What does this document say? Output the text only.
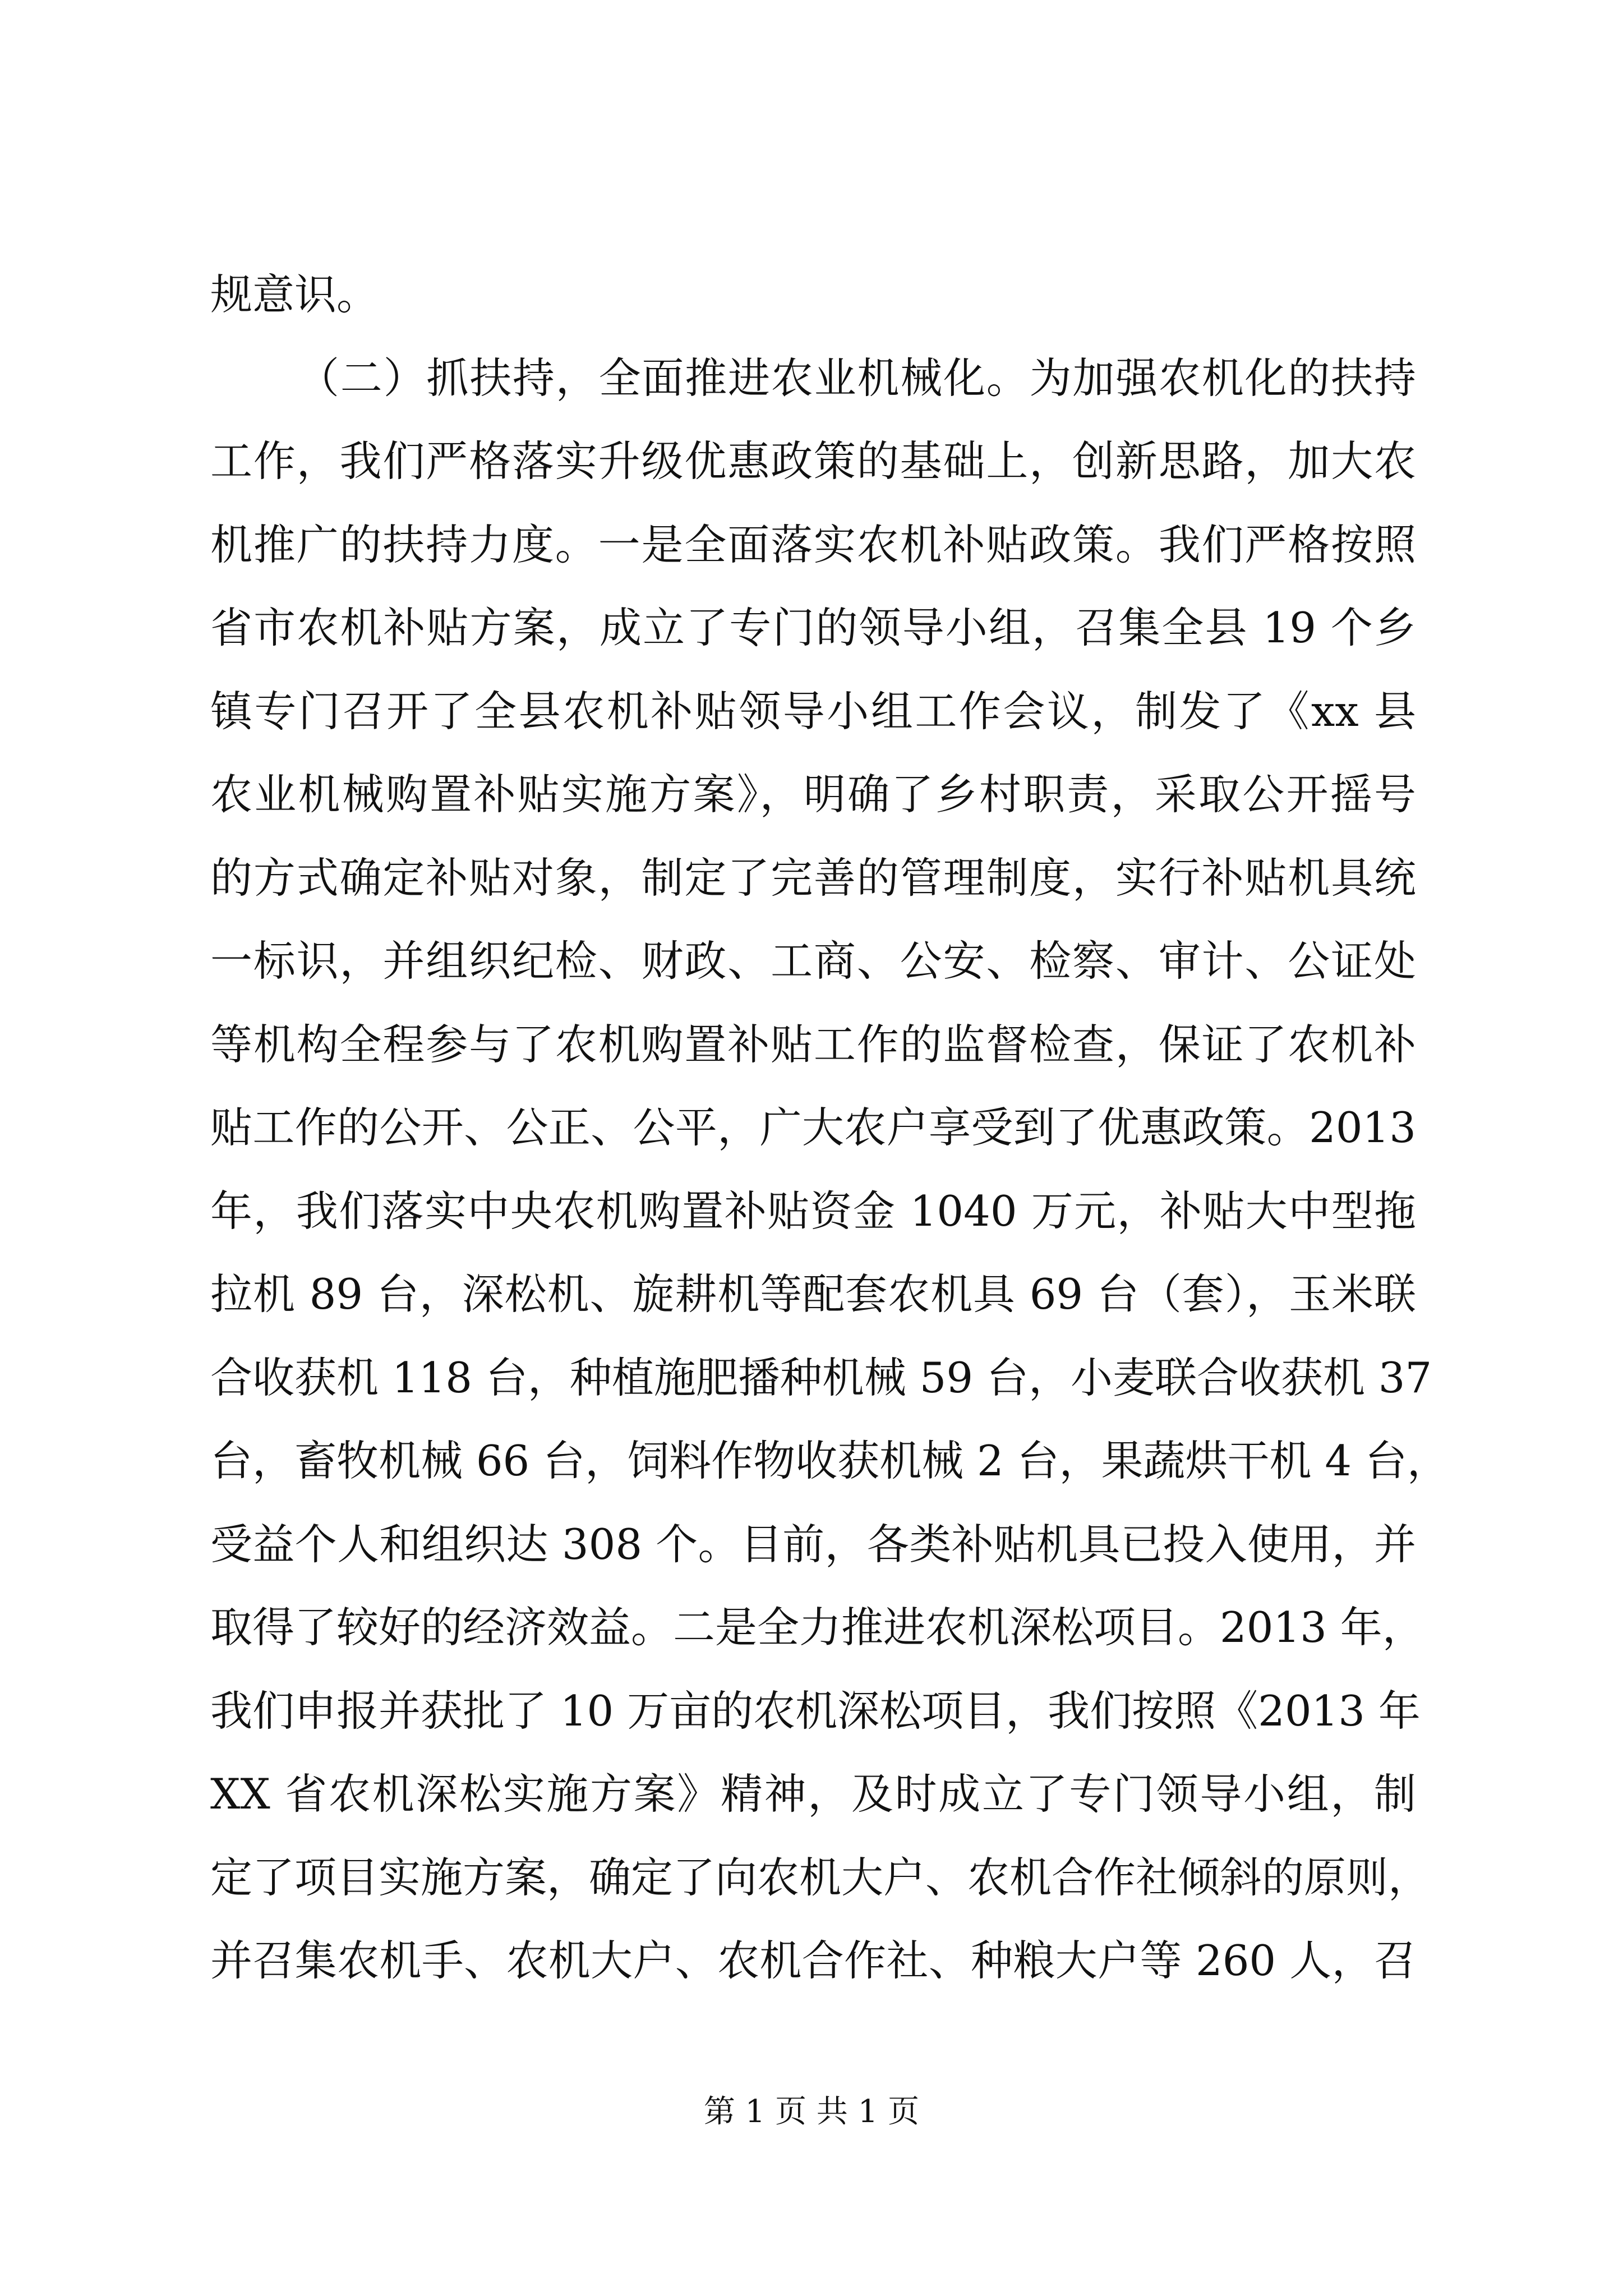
规意识。
（二）抓扶持，全面推进农业机械化。为加强农机化的扶持
工作，我们严格落实升级优惠政策的基础上，创新思路，加大农
机推广的扶持力度。一是全面落实农机补贴政策。我们严格按照
省市农机补贴方案，成立了专门的领导小组，召集全县 19 个乡
镇专门召开了全县农机补贴领导小组工作会议，制发了《xx 县
农业机械购置补贴实施方案》，明确了乡村职责，采取公开摇号
的方式确定补贴对象，制定了完善的管理制度，实行补贴机具统
一标识，并组织纪检、财政、工商、公安、检察、审计、公证处
等机构全程参与了农机购置补贴工作的监督检查，保证了农机补
贴工作的公开、公正、公平，广大农户享受到了优惠政策。2013
年，我们落实中央农机购置补贴资金 1040 万元，补贴大中型拖
拉机 89 台，深松机、旋耕机等配套农机具 69 台（套），玉米联
合收获机 118 台，种植施肥播种机械 59 台，小麦联合收获机 37
台，畜牧机械 66 台，饲料作物收获机械 2 台，果蔬烘干机 4 台，
受益个人和组织达 308 个。目前，各类补贴机具已投入使用，并
取得了较好的经济效益。二是全力推进农机深松项目。2013 年，
我们申报并获批了 10 万亩的农机深松项目，我们按照《2013 年
XX 省农机深松实施方案》精神，及时成立了专门领导小组，制
定了项目实施方案，确定了向农机大户、农机合作社倾斜的原则，
并召集农机手、农机大户、农机合作社、种粮大户等 260 人，召
第 1 页 共 1 页
